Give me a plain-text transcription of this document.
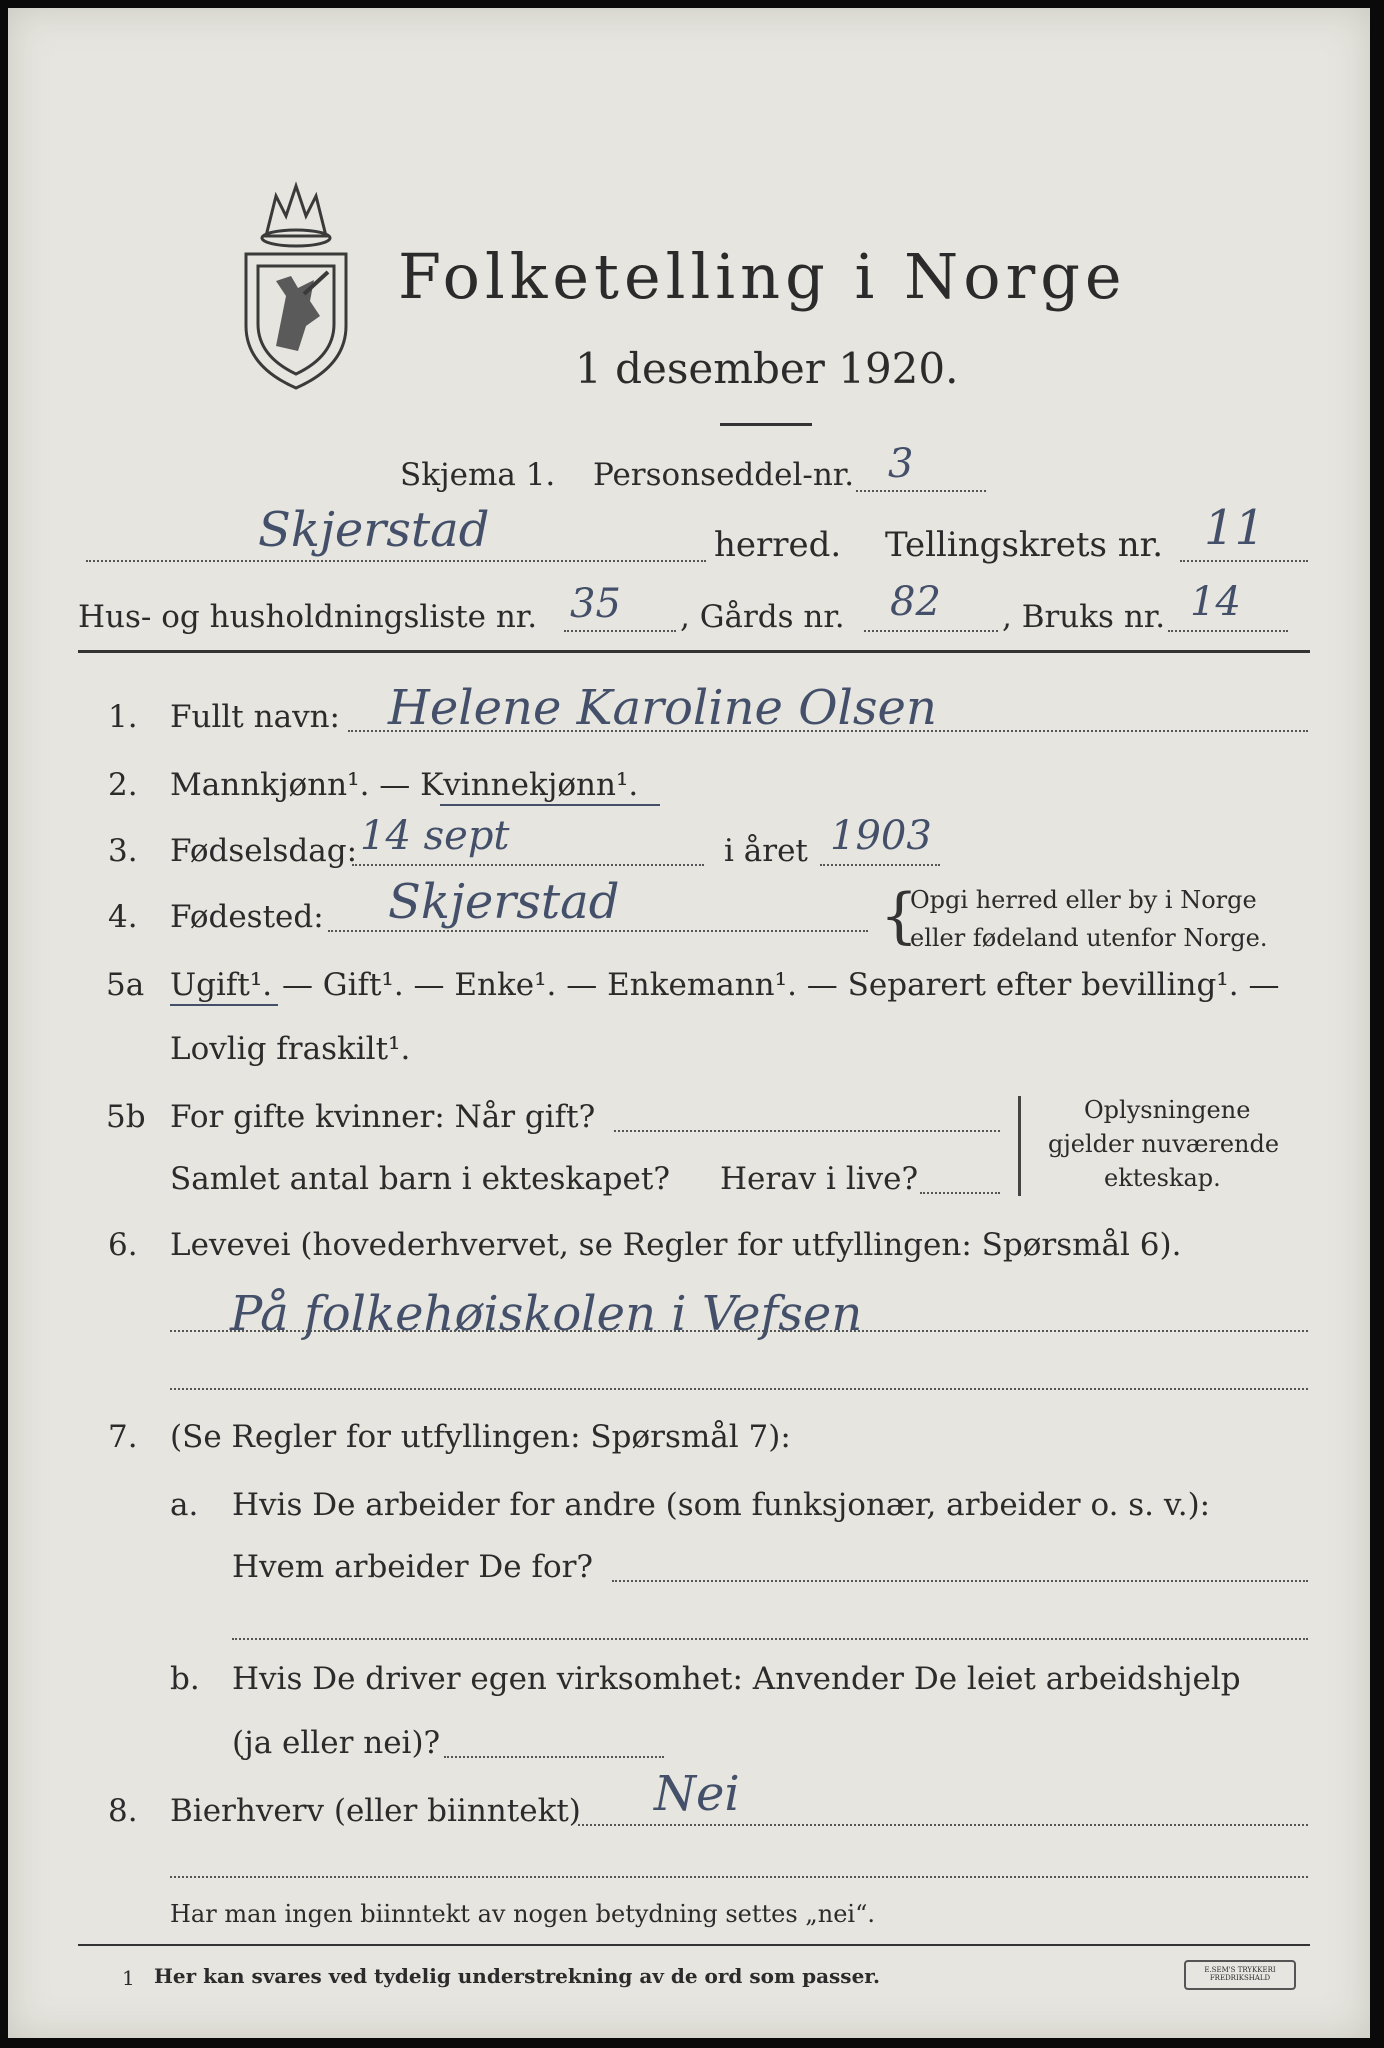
Folketelling i Norge
1 desember 1920.
Skjema 1. Personseddel-nr. 3
Skjerstad	herred. Tellingskrets nr. 11
Hus- og husholdningsliste nr. 35 , Gårds nr. 82 , Bruks nr. 14
1. Fullt navn: Helene Karoline Olsen
2. Mannkjønn¹. — Kvinnekjønn¹.
3. Fødselsdag: 14 sept	i året 1903
4. Fødested: Skjerstad	{
Opgi herred eller by i Norge
eller fødeland utenfor Norge.
5a Ugift¹. — Gift¹. — Enke¹. — Enkemann¹. — Separert efter bevilling¹. —
Lovlig fraskilt¹.
5b For gifte kvinner: Når gift?
Samlet antal barn i ekteskapet? Herav i live?
Oplysningene
gjelder nuværende
ekteskap.
6. Levevei (hovederhvervet, se Regler for utfyllingen: Spørsmål 6).
På folkehøiskolen i Vefsen
7. (Se Regler for utfyllingen: Spørsmål 7):
a. Hvis De arbeider for andre (som funksjonær, arbeider o. s. v.):
Hvem arbeider De for?
b. Hvis De driver egen virksomhet: Anvender De leiet arbeidshjelp
(ja eller nei)?
8. Bierhverv (eller biinntekt) Nei
Har man ingen biinntekt av nogen betydning settes „nei“.
1 Her kan svares ved tydelig understrekning av de ord som passer.	E.SEM'S TRYKKERI FREDRIKSHALD
